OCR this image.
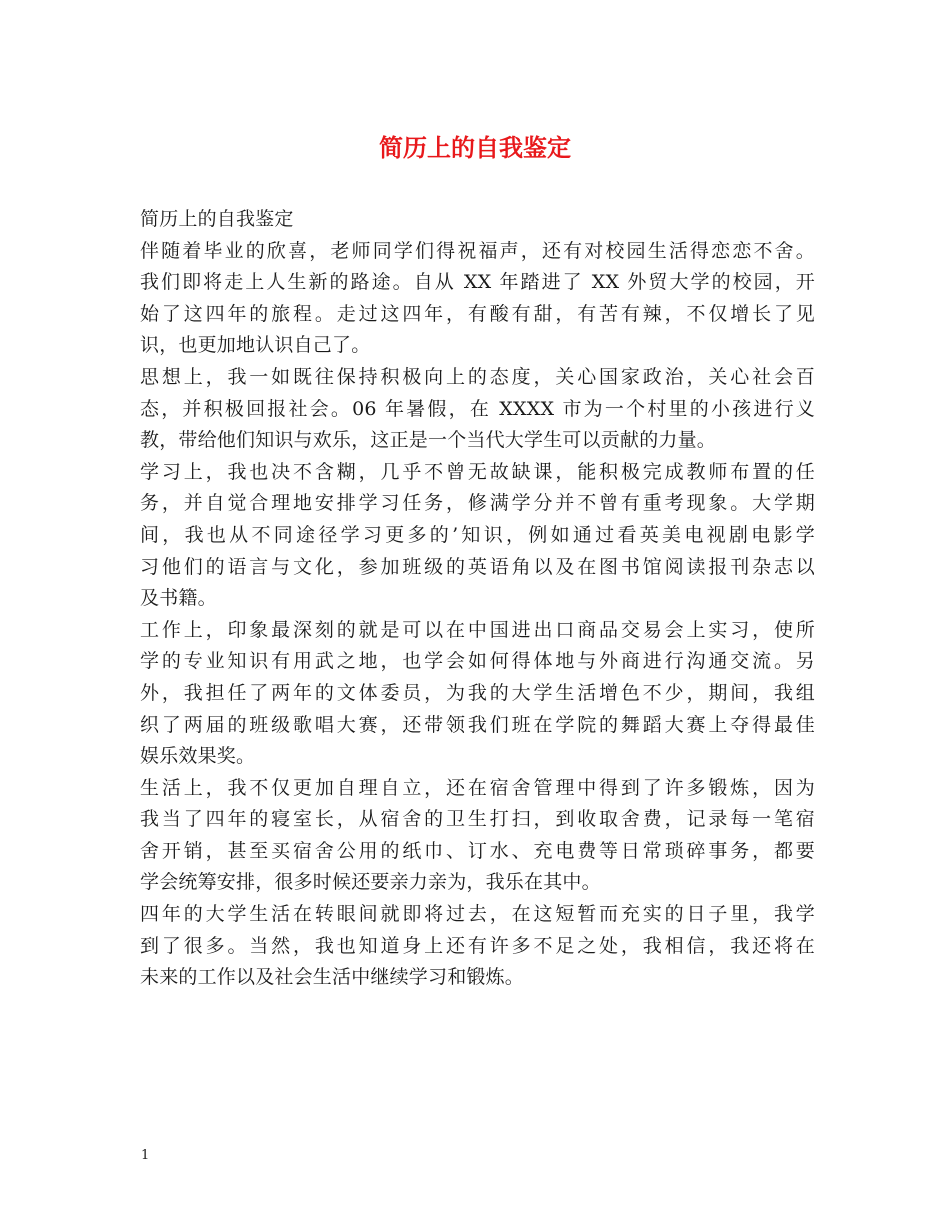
简历上的自我鉴定
简历上的自我鉴定
伴随着毕业的欣喜，老师同学们得祝福声，还有对校园生活得恋恋不舍。
我们即将走上人生新的路途。自从 XX 年踏进了 XX 外贸大学的校园，开
始了这四年的旅程。走过这四年，有酸有甜，有苦有辣，不仅增长了见
识，也更加地认识自己了。
思想上，我一如既往保持积极向上的态度，关心国家政治，关心社会百
态，并积极回报社会。06 年暑假，在 XXXX 市为一个村里的小孩进行义
教，带给他们知识与欢乐，这正是一个当代大学生可以贡献的力量。
学习上，我也决不含糊，几乎不曾无故缺课，能积极完成教师布置的任
务，并自觉合理地安排学习任务，修满学分并不曾有重考现象。大学期
间，我也从不同途径学习更多的’知识，例如通过看英美电视剧电影学
习他们的语言与文化，参加班级的英语角以及在图书馆阅读报刊杂志以
及书籍。
工作上，印象最深刻的就是可以在中国进出口商品交易会上实习，使所
学的专业知识有用武之地，也学会如何得体地与外商进行沟通交流。另
外，我担任了两年的文体委员，为我的大学生活增色不少，期间，我组
织了两届的班级歌唱大赛，还带领我们班在学院的舞蹈大赛上夺得最佳
娱乐效果奖。
生活上，我不仅更加自理自立，还在宿舍管理中得到了许多锻炼，因为
我当了四年的寝室长，从宿舍的卫生打扫，到收取舍费，记录每一笔宿
舍开销，甚至买宿舍公用的纸巾、订水、充电费等日常琐碎事务，都要
学会统筹安排，很多时候还要亲力亲为，我乐在其中。
四年的大学生活在转眼间就即将过去，在这短暂而充实的日子里，我学
到了很多。当然，我也知道身上还有许多不足之处，我相信，我还将在
未来的工作以及社会生活中继续学习和锻炼。
1
